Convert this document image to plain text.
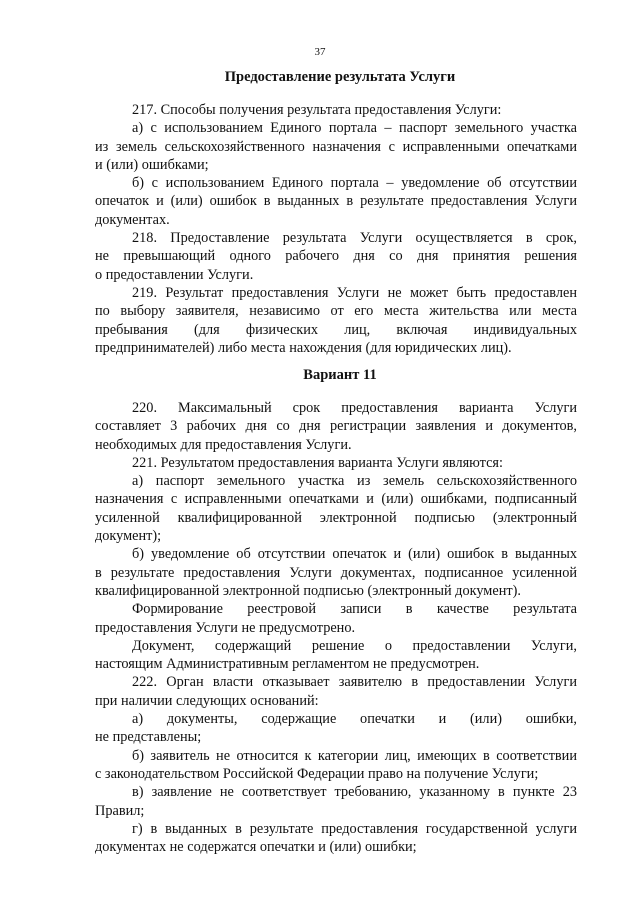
37
Предоставление результата Услуги

217. Способы получения результата предоставления Услуги:

а) с использованием Единого портала – паспорт земельного участка

из земель сельскохозяйственного назначения с исправленными опечатками

и (или) ошибками;

б) с использованием Единого портала – уведомление об отсутствии

опечаток и (или) ошибок в выданных в результате предоставления Услуги

документах.

218. Предоставление результата Услуги осуществляется в срок,

не превышающий одного рабочего дня со дня принятия решения

о предоставлении Услуги.

219. Результат предоставления Услуги не может быть предоставлен

по выбору заявителя, независимо от его места жительства или места

пребывания (для физических лиц, включая индивидуальных

предпринимателей) либо места нахождения (для юридических лиц).

Вариант 11

220. Максимальный срок предоставления варианта Услуги

составляет 3 рабочих дня со дня регистрации заявления и документов,

необходимых для предоставления Услуги.

221. Результатом предоставления варианта Услуги являются:

а) паспорт земельного участка из земель сельскохозяйственного

назначения с исправленными опечатками и (или) ошибками, подписанный

усиленной квалифицированной электронной подписью (электронный

документ);

б) уведомление об отсутствии опечаток и (или) ошибок в выданных

в результате предоставления Услуги документах, подписанное усиленной

квалифицированной электронной подписью (электронный документ).

Формирование реестровой записи в качестве результата

предоставления Услуги не предусмотрено.

Документ, содержащий решение о предоставлении Услуги,

настоящим Административным регламентом не предусмотрен.

222. Орган власти отказывает заявителю в предоставлении Услуги

при наличии следующих оснований:

а) документы, содержащие опечатки и (или) ошибки,

не представлены;

б) заявитель не относится к категории лиц, имеющих в соответствии

с законодательством Российской Федерации право на получение Услуги;

в) заявление не соответствует требованию, указанному в пункте 23

Правил;

г) в выданных в результате предоставления государственной услуги

документах не содержатся опечатки и (или) ошибки;
